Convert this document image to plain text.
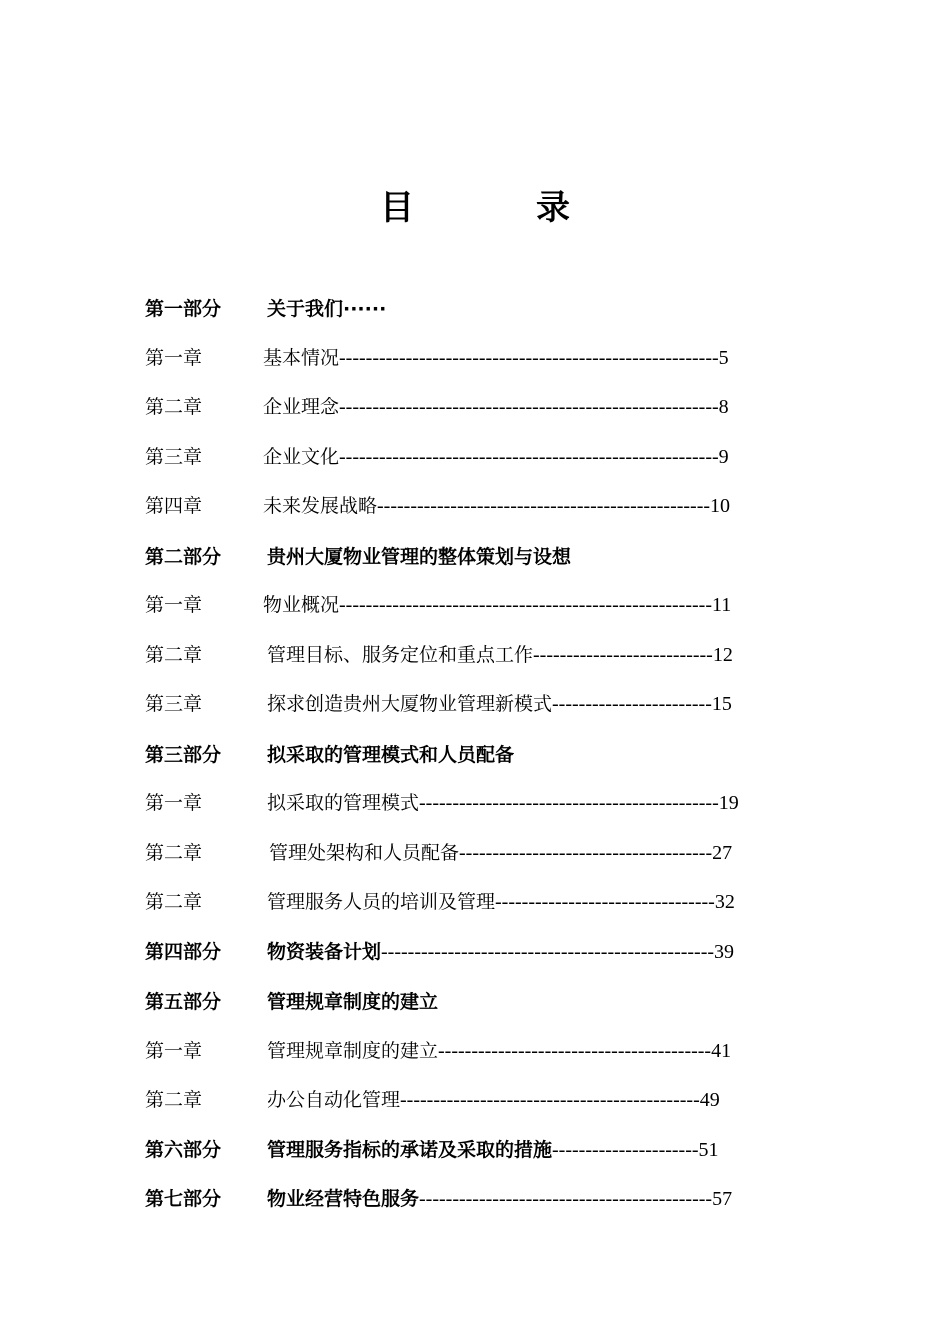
目	录
第一部分 关于我们······
第一章	基本情况---------------------------------------------------------5
第二章	企业理念---------------------------------------------------------8
第三章	企业文化---------------------------------------------------------9
第四章	未来发展战略--------------------------------------------------10
第二部分 贵州大厦物业管理的整体策划与设想
第一章	物业概况--------------------------------------------------------11
第二章	管理目标、服务定位和重点工作---------------------------12
第三章	探求创造贵州大厦物业管理新模式------------------------15
第三部分 拟采取的管理模式和人员配备
第一章	拟采取的管理模式---------------------------------------------19
第二章	管理处架构和人员配备--------------------------------------27
第二章	管理服务人员的培训及管理---------------------------------32
第四部分 物资装备计划--------------------------------------------------39
第五部分 管理规章制度的建立
第一章	管理规章制度的建立-----------------------------------------41
第二章	办公自动化管理---------------------------------------------49
第六部分 管理服务指标的承诺及采取的措施----------------------51
第七部分 物业经营特色服务--------------------------------------------57
